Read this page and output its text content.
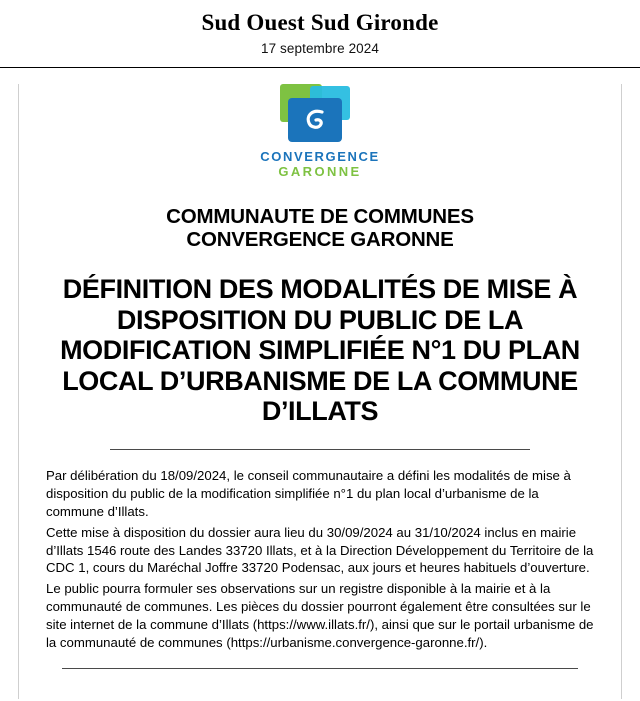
Sud Ouest Sud Gironde
17 septembre 2024
CONVERGENCE
GARONNE
COMMUNAUTE DE COMMUNES
CONVERGENCE GARONNE
DÉFINITION DES MODALITÉS DE MISE À DISPOSITION DU PUBLIC DE LA MODIFICATION SIMPLIFIÉE N°1 DU PLAN LOCAL D’URBANISME DE LA COMMUNE D’ILLATS

Par délibération du 18/09/2024, le conseil communautaire a défini les modalités de mise à disposition du public de la modification simplifiée n°1 du plan local d’urbanisme de la commune d’Illats.

Cette mise à disposition du dossier aura lieu du 30/09/2024 au 31/10/2024 inclus en mairie d’Illats 1546 route des Landes 33720 Illats, et à la Direction Développement du Territoire de la CDC 1, cours du Maréchal Joffre 33720 Podensac, aux jours et heures habituels d’ouverture.

Le public pourra formuler ses observations sur un registre disponible à la mairie et à la communauté de communes. Les pièces du dossier pourront également être consultées sur le site internet de la commune d’Illats (https://www.illats.fr/), ainsi que sur le portail urbanisme de la communauté de communes (https://urbanisme.convergence-garonne.fr/).
